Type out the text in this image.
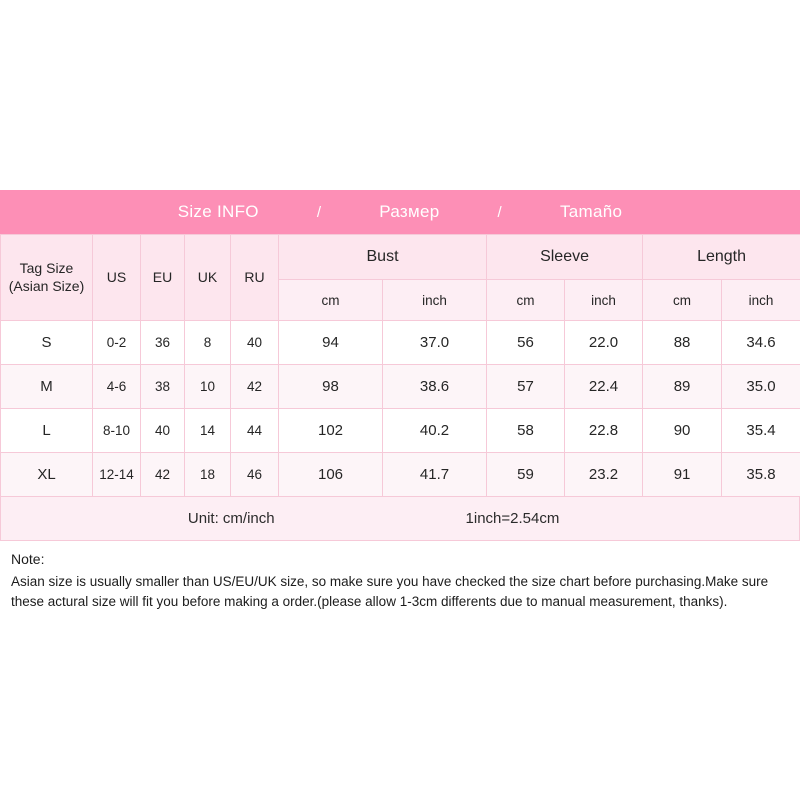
Size INFO	/	Размер	/	Tamaño
Tag Size
(Asian Size)	US	EU	UK	RU	Bust		Sleeve		Length	
					cm	inch	cm	inch	cm	inch
S	0-2	36	8	40	94	37.0	56	22.0	88	34.6
M	4-6	38	10	42	98	38.6	57	22.4	89	35.0
L	8-10	40	14	44	102	40.2	58	22.8	90	35.4
XL	12-14	42	18	46	106	41.7	59	23.2	91	35.8
Unit: cm/inch	1inch=2.54cm
Note:
Asian size is usually smaller than US/EU/UK size, so make sure you have checked the size chart before purchasing.Make sure these actural size will fit you before making a order.(please allow 1-3cm differents due to manual measurement, thanks).
